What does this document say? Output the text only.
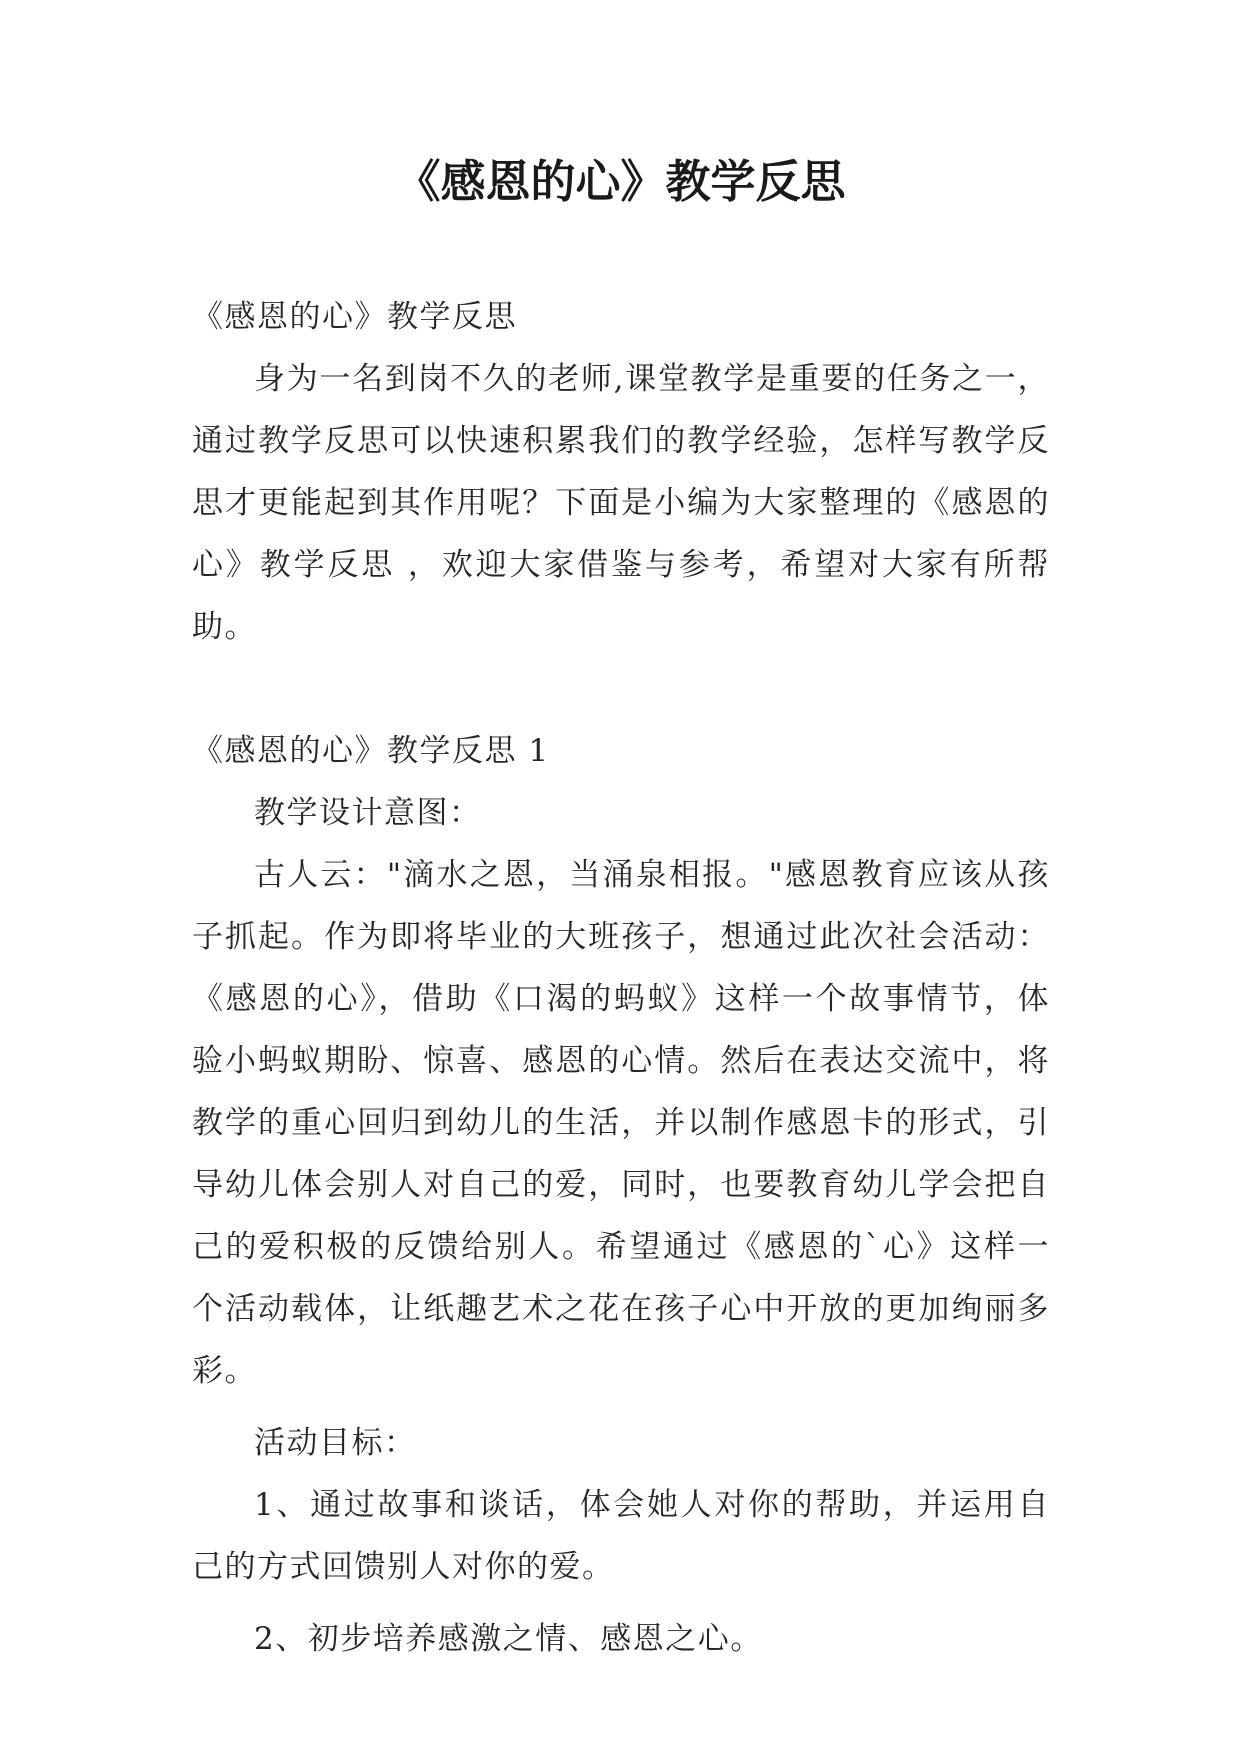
《感恩的心》教学反思

《感恩的心》教学反思

身为一名到岗不久的老师,课堂教学是重要的任务之一，通过教学反思可以快速积累我们的教学经验，怎样写教学反思才更能起到其作用呢？下面是小编为大家整理的《感恩的心》教学反思 ，欢迎大家借鉴与参考，希望对大家有所帮助。

《感恩的心》教学反思 1

教学设计意图：

古人云："滴水之恩，当涌泉相报。"感恩教育应该从孩子抓起。作为即将毕业的大班孩子，想通过此次社会活动：《感恩的心》，借助《口渴的蚂蚁》这样一个故事情节，体验小蚂蚁期盼、惊喜、感恩的心情。然后在表达交流中，将教学的重心回归到幼儿的生活，并以制作感恩卡的形式，引导幼儿体会别人对自己的爱，同时，也要教育幼儿学会把自己的爱积极的反馈给别人。希望通过《感恩的`心》这样一个活动载体，让纸趣艺术之花在孩子心中开放的更加绚丽多彩。

活动目标：

1、通过故事和谈话，体会她人对你的帮助，并运用自己的方式回馈别人对你的爱。

2、初步培养感激之情、感恩之心。
